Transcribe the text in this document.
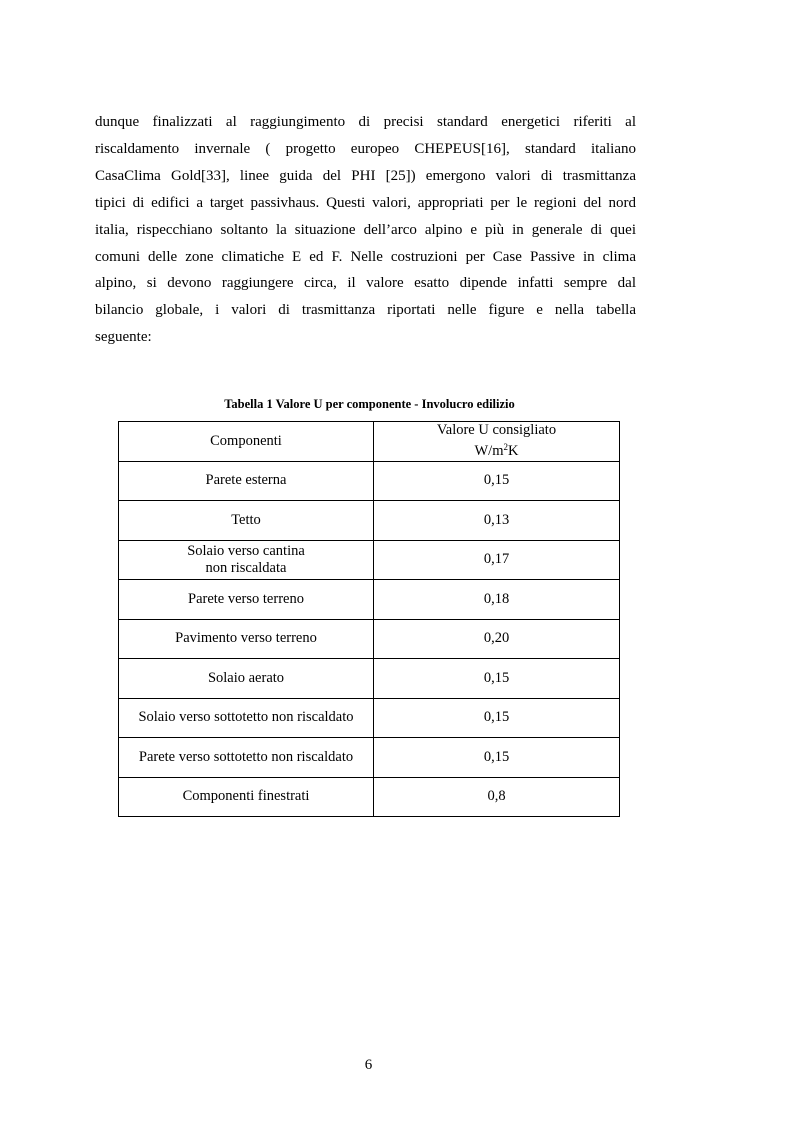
dunque finalizzati al raggiungimento di precisi standard energetici riferiti al
riscaldamento invernale ( progetto europeo CHEPEUS[16], standard italiano
CasaClima Gold[33], linee guida del PHI [25]) emergono valori di trasmittanza
tipici di edifici a target passivhaus. Questi valori, appropriati per le regioni del nord
italia, rispecchiano soltanto la situazione dell’arco alpino e più in generale di quei
comuni delle zone climatiche E ed F. Nelle costruzioni per Case Passive in clima
alpino, si devono raggiungere circa, il valore esatto dipende infatti sempre dal
bilancio globale, i valori di trasmittanza riportati nelle figure e nella tabella
seguente:
Tabella 1 Valore U per componente - Involucro edilizio
Componenti	Valore U consigliato
$W/m^2K$
Parete esterna	0,15
Tetto	0,13
Solaio verso cantina
non riscaldata	0,17
Parete verso terreno	0,18
Pavimento verso terreno	0,20
Solaio aerato	0,15
Solaio verso sottotetto non riscaldato	0,15
Parete verso sottotetto non riscaldato	0,15
Componenti finestrati	0,8
6
